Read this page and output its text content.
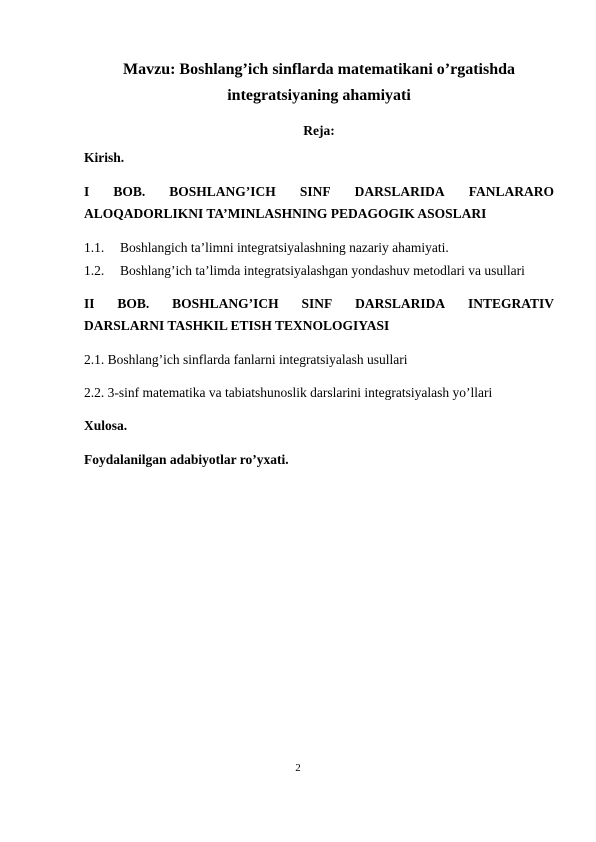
Mavzu: Boshlang’ich sinflarda matematikani o’rgatishda
integratsiyaning ahamiyati
Reja:
Kirish.
I BOB. BOSHLANG’ICH SINF DARSLARIDA FANLARARO
ALOQADORLIKNI TA’MINLASHNING PEDAGOGIK ASOSLARI
1.1. Boshlangich ta’limni integratsiyalashning nazariy ahamiyati.
1.2. Boshlang’ich ta’limda integratsiyalashgan yondashuv metodlari va usullari
II BOB. BOSHLANG’ICH SINF DARSLARIDA INTEGRATIV
DARSLARNI TASHKIL ETISH TEXNOLOGIYASI
2.1. Boshlang’ich sinflarda fanlarni integratsiyalash usullari
2.2. 3-sinf matematika va tabiatshunoslik darslarini integratsiyalash yo’llari
Xulosa.
Foydalanilgan adabiyotlar ro’yxati.
2
